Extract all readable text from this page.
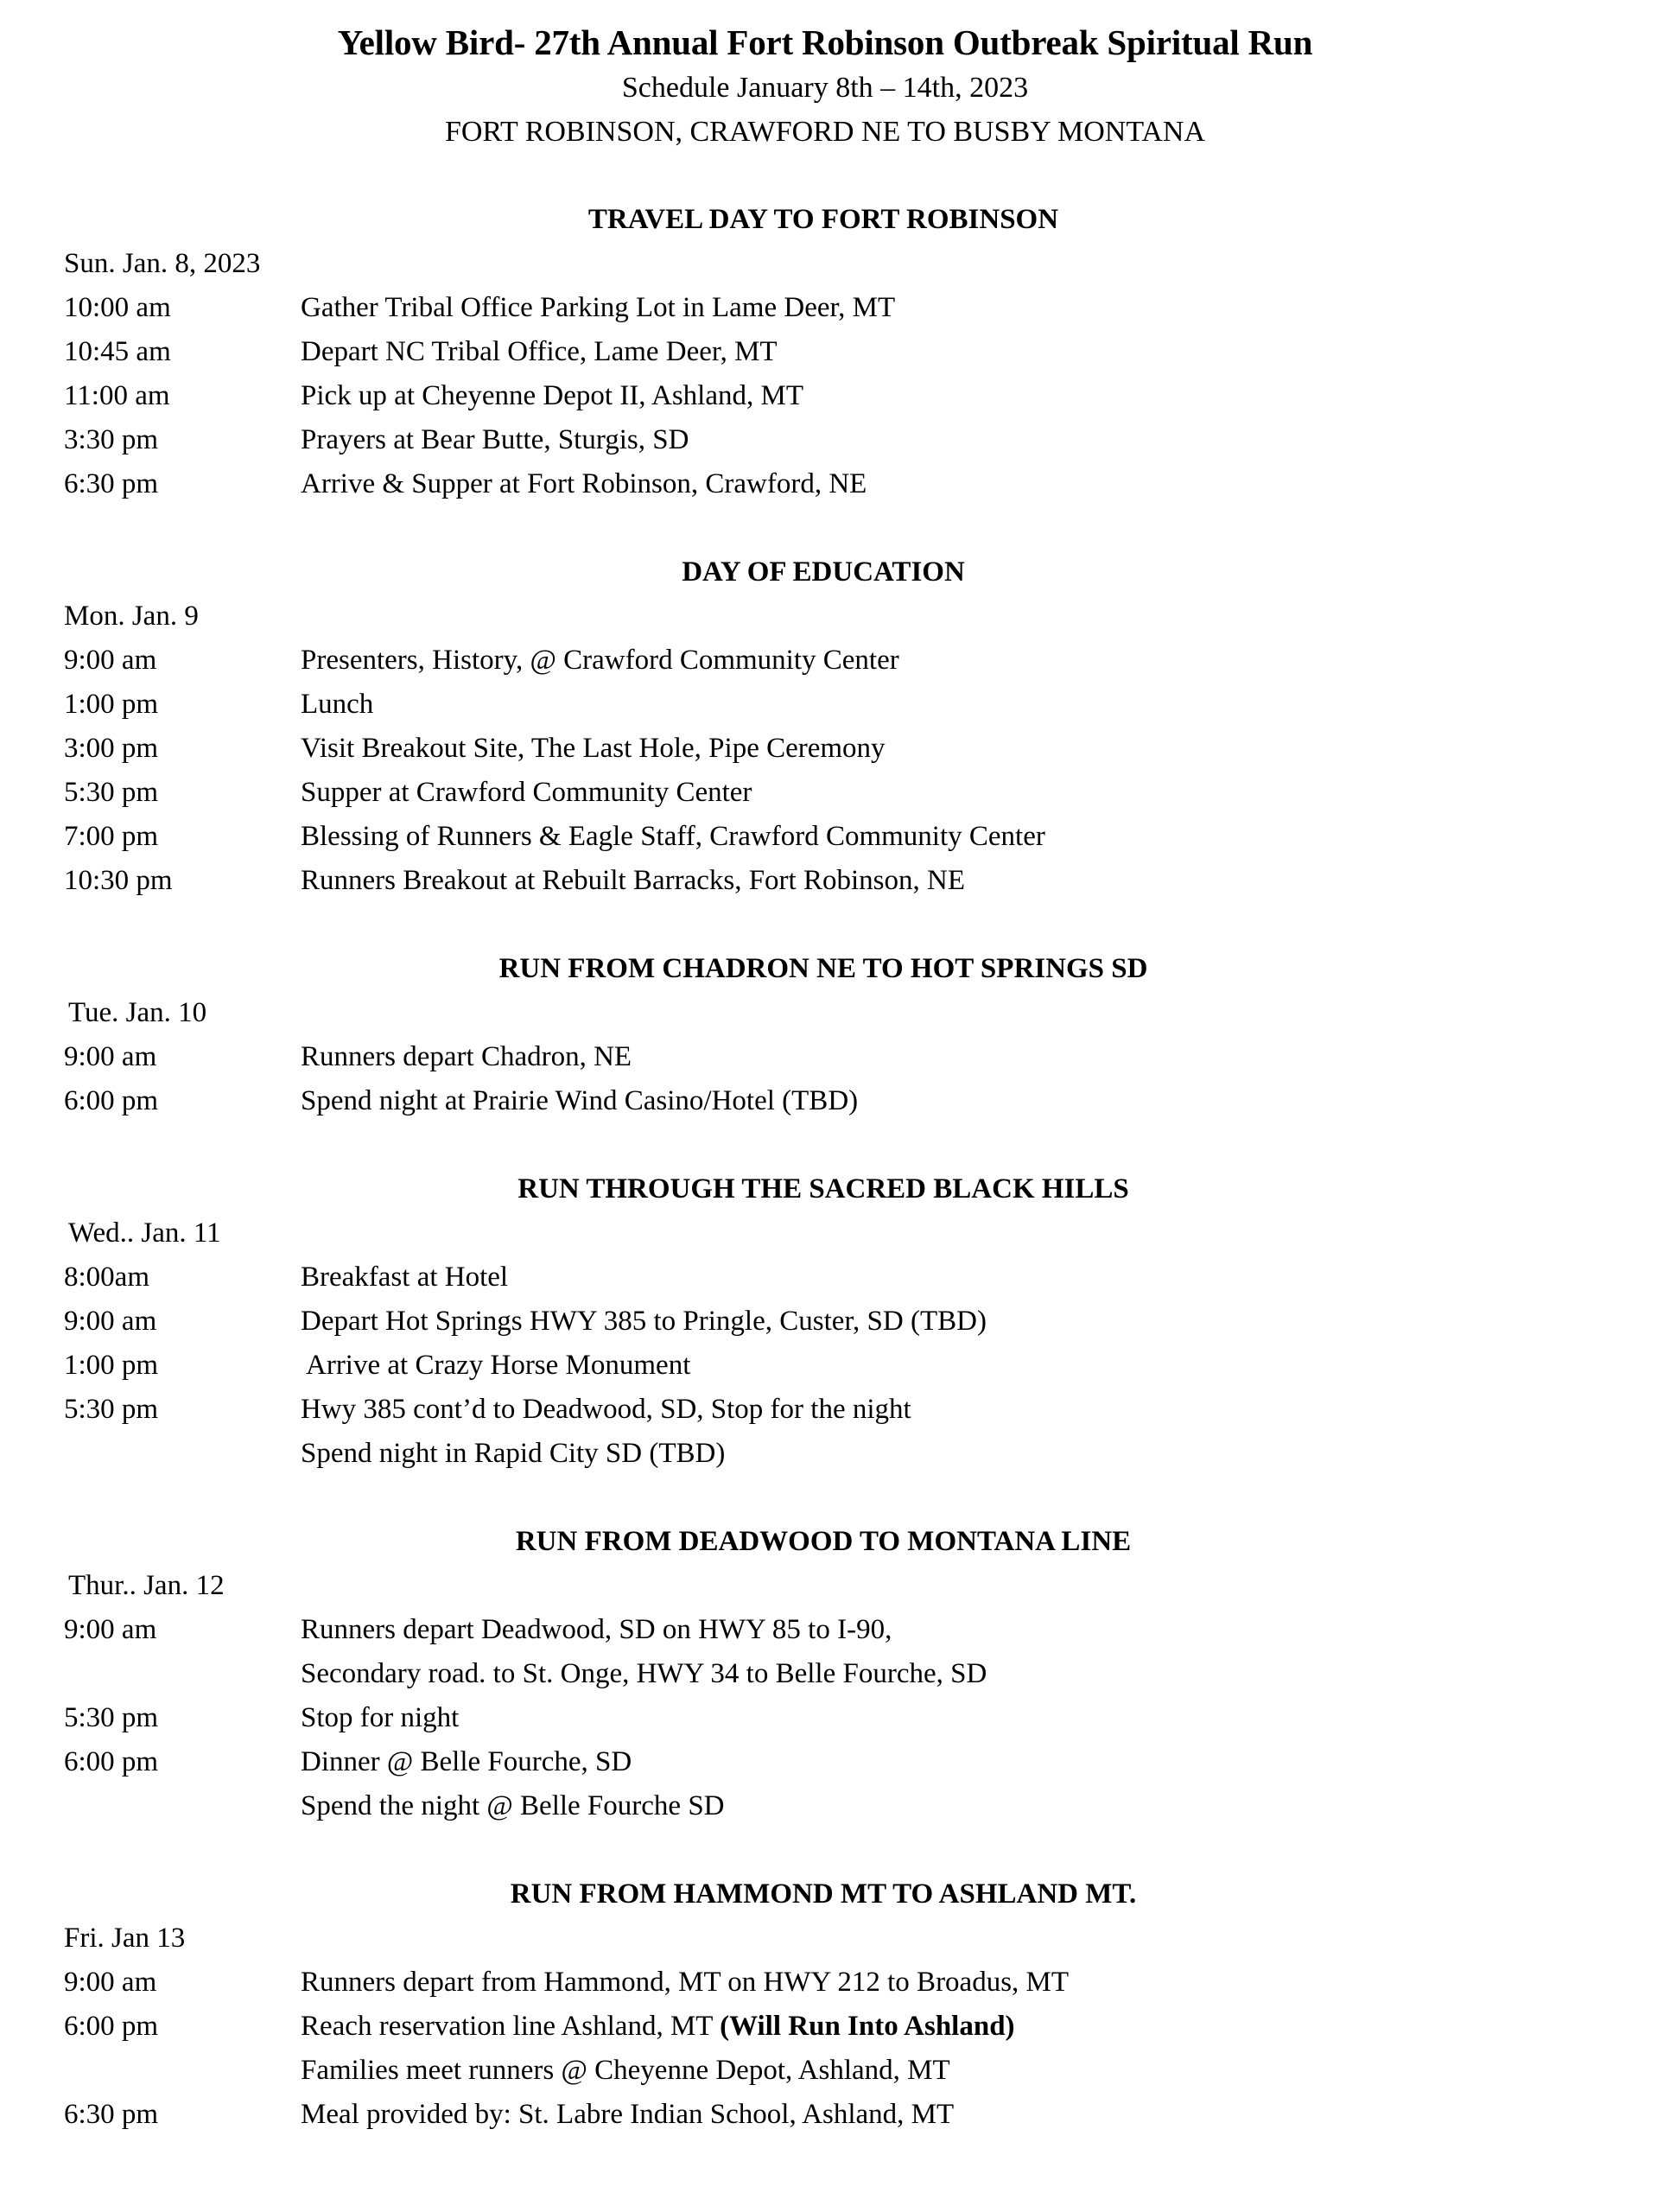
Yellow Bird- 27th Annual Fort Robinson Outbreak Spiritual Run
Schedule January 8th – 14th, 2023
FORT ROBINSON, CRAWFORD NE TO BUSBY MONTANA
TRAVEL DAY TO FORT ROBINSON
Sun. Jan. 8, 2023
10:00 am	Gather Tribal Office Parking Lot in Lame Deer, MT
10:45 am	Depart NC Tribal Office, Lame Deer, MT
11:00 am	Pick up at Cheyenne Depot II, Ashland, MT
3:30 pm	Prayers at Bear Butte, Sturgis, SD
6:30 pm	Arrive & Supper at Fort Robinson, Crawford, NE
DAY OF EDUCATION
Mon. Jan. 9
9:00 am	Presenters, History, @ Crawford Community Center
1:00 pm	Lunch
3:00 pm	Visit Breakout Site, The Last Hole, Pipe Ceremony
5:30 pm	Supper at Crawford Community Center
7:00 pm	Blessing of Runners & Eagle Staff, Crawford Community Center
10:30 pm	Runners Breakout at Rebuilt Barracks, Fort Robinson, NE
RUN FROM CHADRON NE TO HOT SPRINGS SD
Tue. Jan. 10
9:00 am	Runners depart Chadron, NE
6:00 pm	Spend night at Prairie Wind Casino/Hotel (TBD)
RUN THROUGH THE SACRED BLACK HILLS
Wed.. Jan. 11
8:00am	Breakfast at Hotel
9:00 am	Depart Hot Springs HWY 385 to Pringle, Custer, SD (TBD)
1:00 pm	Arrive at Crazy Horse Monument
5:30 pm	Hwy 385 cont’d to Deadwood, SD, Stop for the night
Spend night in Rapid City SD (TBD)
RUN FROM DEADWOOD TO MONTANA LINE
Thur.. Jan. 12
9:00 am	Runners depart Deadwood, SD on HWY 85 to I-90,
Secondary road. to St. Onge, HWY 34 to Belle Fourche, SD
5:30 pm	Stop for night
6:00 pm	Dinner @ Belle Fourche, SD
Spend the night @ Belle Fourche SD
RUN FROM HAMMOND MT TO ASHLAND MT.
Fri. Jan 13
9:00 am	Runners depart from Hammond, MT on HWY 212 to Broadus, MT
6:00 pm	Reach reservation line Ashland, MT (Will Run Into Ashland)
Families meet runners @ Cheyenne Depot, Ashland, MT
6:30 pm	Meal provided by: St. Labre Indian School, Ashland, MT
